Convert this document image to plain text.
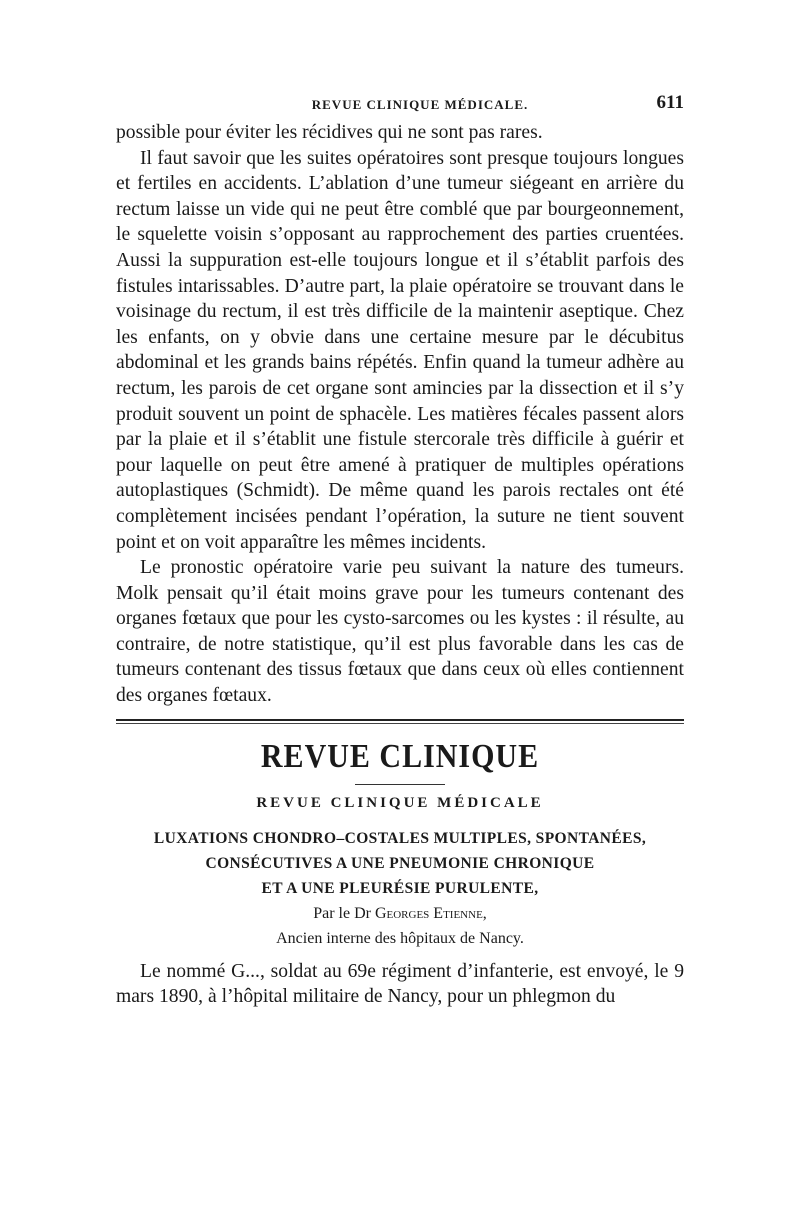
REVUE CLINIQUE MÉDICALE.	611

possible pour éviter les récidives qui ne sont pas rares.

Il faut savoir que les suites opératoires sont presque toujours longues et fertiles en accidents. L’ablation d’une tumeur siégeant en arrière du rectum laisse un vide qui ne peut être comblé que par bourgeonnement, le squelette voisin s’opposant au rapprochement des parties cruentées. Aussi la suppuration est-elle toujours longue et il s’établit parfois des fistules intarissables. D’autre part, la plaie opératoire se trouvant dans le voisinage du rectum, il est très difficile de la maintenir aseptique. Chez les enfants, on y obvie dans une certaine mesure par le décubitus abdominal et les grands bains répétés. Enfin quand la tumeur adhère au rectum, les parois de cet organe sont amincies par la dissection et il s’y produit souvent un point de sphacèle. Les matières fécales passent alors par la plaie et il s’établit une fistule stercorale très difficile à guérir et pour laquelle on peut être amené à pratiquer de multiples opérations autoplastiques (Schmidt). De même quand les parois rectales ont été complètement incisées pendant l’opération, la suture ne tient souvent point et on voit apparaître les mêmes incidents.

Le pronostic opératoire varie peu suivant la nature des tumeurs. Molk pensait qu’il était moins grave pour les tumeurs contenant des organes fœtaux que pour les cysto-sarcomes ou les kystes : il résulte, au contraire, de notre statistique, qu’il est plus favorable dans les cas de tumeurs contenant des tissus fœtaux que dans ceux où elles contiennent des organes fœtaux.

REVUE CLINIQUE
REVUE CLINIQUE MÉDICALE

LUXATIONS CHONDRO–COSTALES MULTIPLES, SPONTANÉES,

CONSÉCUTIVES A UNE PNEUMONIE CHRONIQUE

ET A UNE PLEURÉSIE PURULENTE,

Par le Dr Georges Etienne,

Ancien interne des hôpitaux de Nancy.

Le nommé G..., soldat au 69e régiment d’infanterie, est envoyé, le 9 mars 1890, à l’hôpital militaire de Nancy, pour un phlegmon du
